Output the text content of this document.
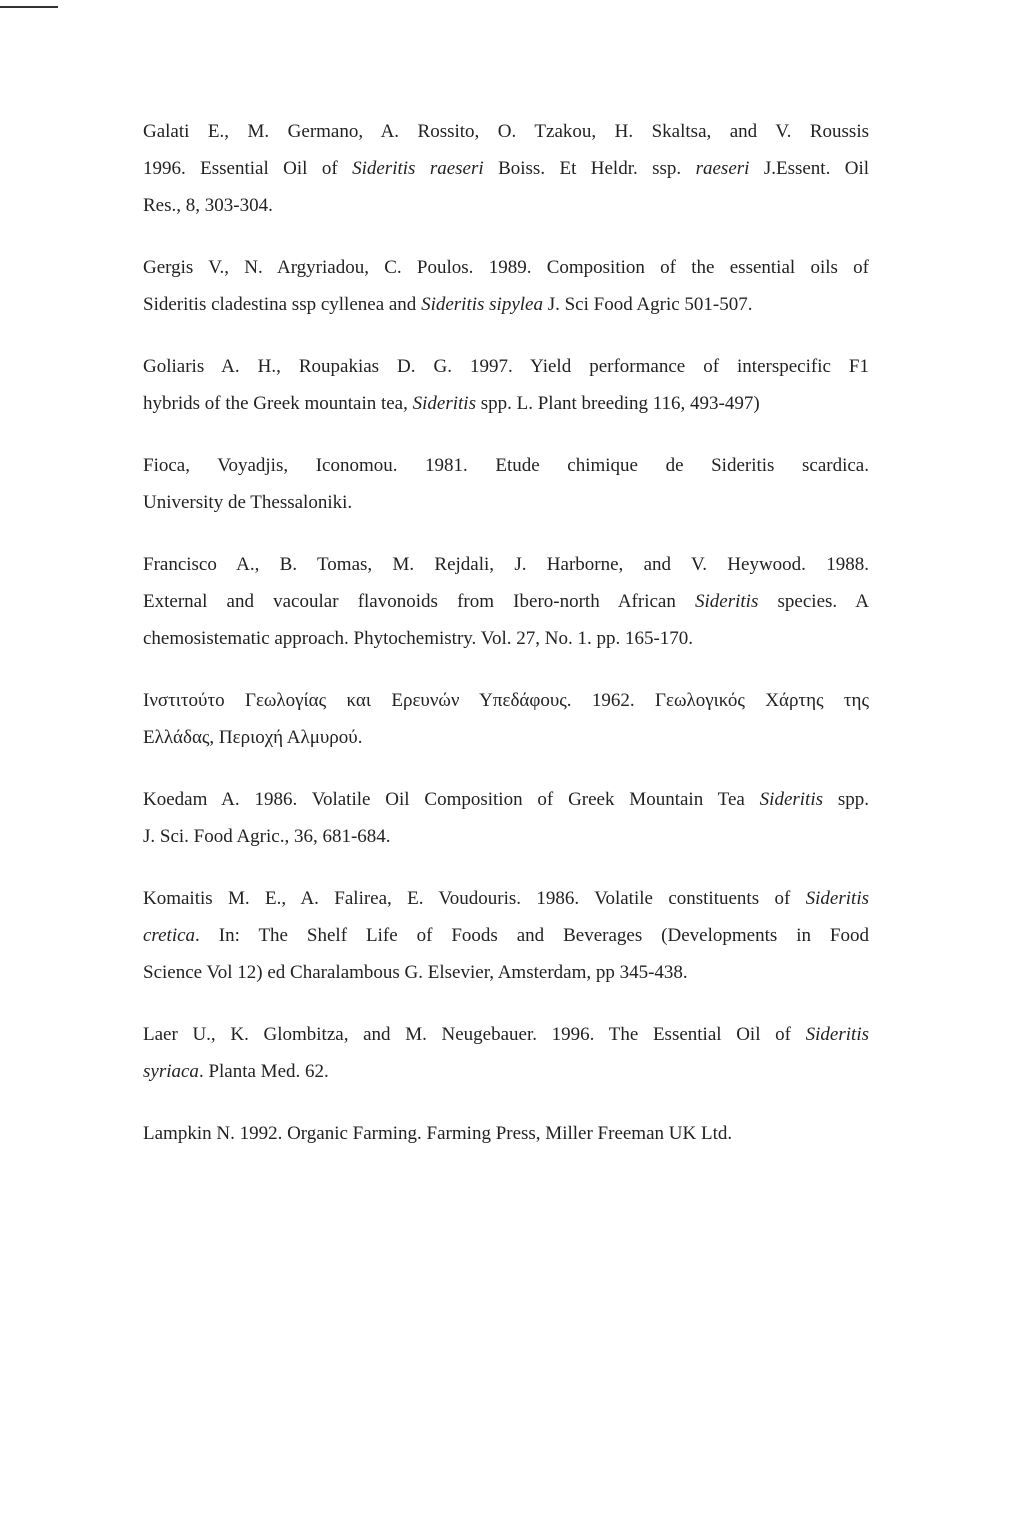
Galati E., M. Germano, A. Rossito, O. Tzakou, H. Skaltsa, and V. Roussis
1996. Essential Oil of Sideritis raeseri Boiss. Et Heldr. ssp. raeseri J.Essent. Oil
Res., 8, 303-304.
Gergis V., N. Argyriadou, C. Poulos. 1989. Composition of the essential oils of
Sideritis cladestina ssp cyllenea and Sideritis sipylea J. Sci Food Agric 501-507.
Goliaris A. H., Roupakias D. G. 1997. Yield performance of interspecific F1
hybrids of the Greek mountain tea, Sideritis spp. L. Plant breeding 116, 493-497)
Fioca, Voyadjis, Iconomou. 1981. Etude chimique de Sideritis scardica.
University de Thessaloniki.
Francisco A., B. Tomas, M. Rejdali, J. Harborne, and V. Heywood. 1988.
External and vacoular flavonoids from Ibero-north African Sideritis species. A
chemosistematic approach. Phytochemistry. Vol. 27, No. 1. pp. 165-170.
Ινστιτούτο Γεωλογίας και Ερευνών Υπεδάφους. 1962. Γεωλογικός Χάρτης της
Ελλάδας, Περιοχή Αλμυρού.
Koedam A. 1986. Volatile Oil Composition of Greek Mountain Tea Sideritis spp.
J. Sci. Food Agric., 36, 681-684.
Komaitis M. E., A. Falirea, E. Voudouris. 1986. Volatile constituents of Sideritis
cretica. In: The Shelf Life of Foods and Beverages (Developments in Food
Science Vol 12) ed Charalambous G. Elsevier, Amsterdam, pp 345-438.
Laer U., K. Glombitza, and M. Neugebauer. 1996. The Essential Oil of Sideritis
syriaca. Planta Med. 62.
Lampkin N. 1992. Organic Farming. Farming Press, Miller Freeman UK Ltd.
